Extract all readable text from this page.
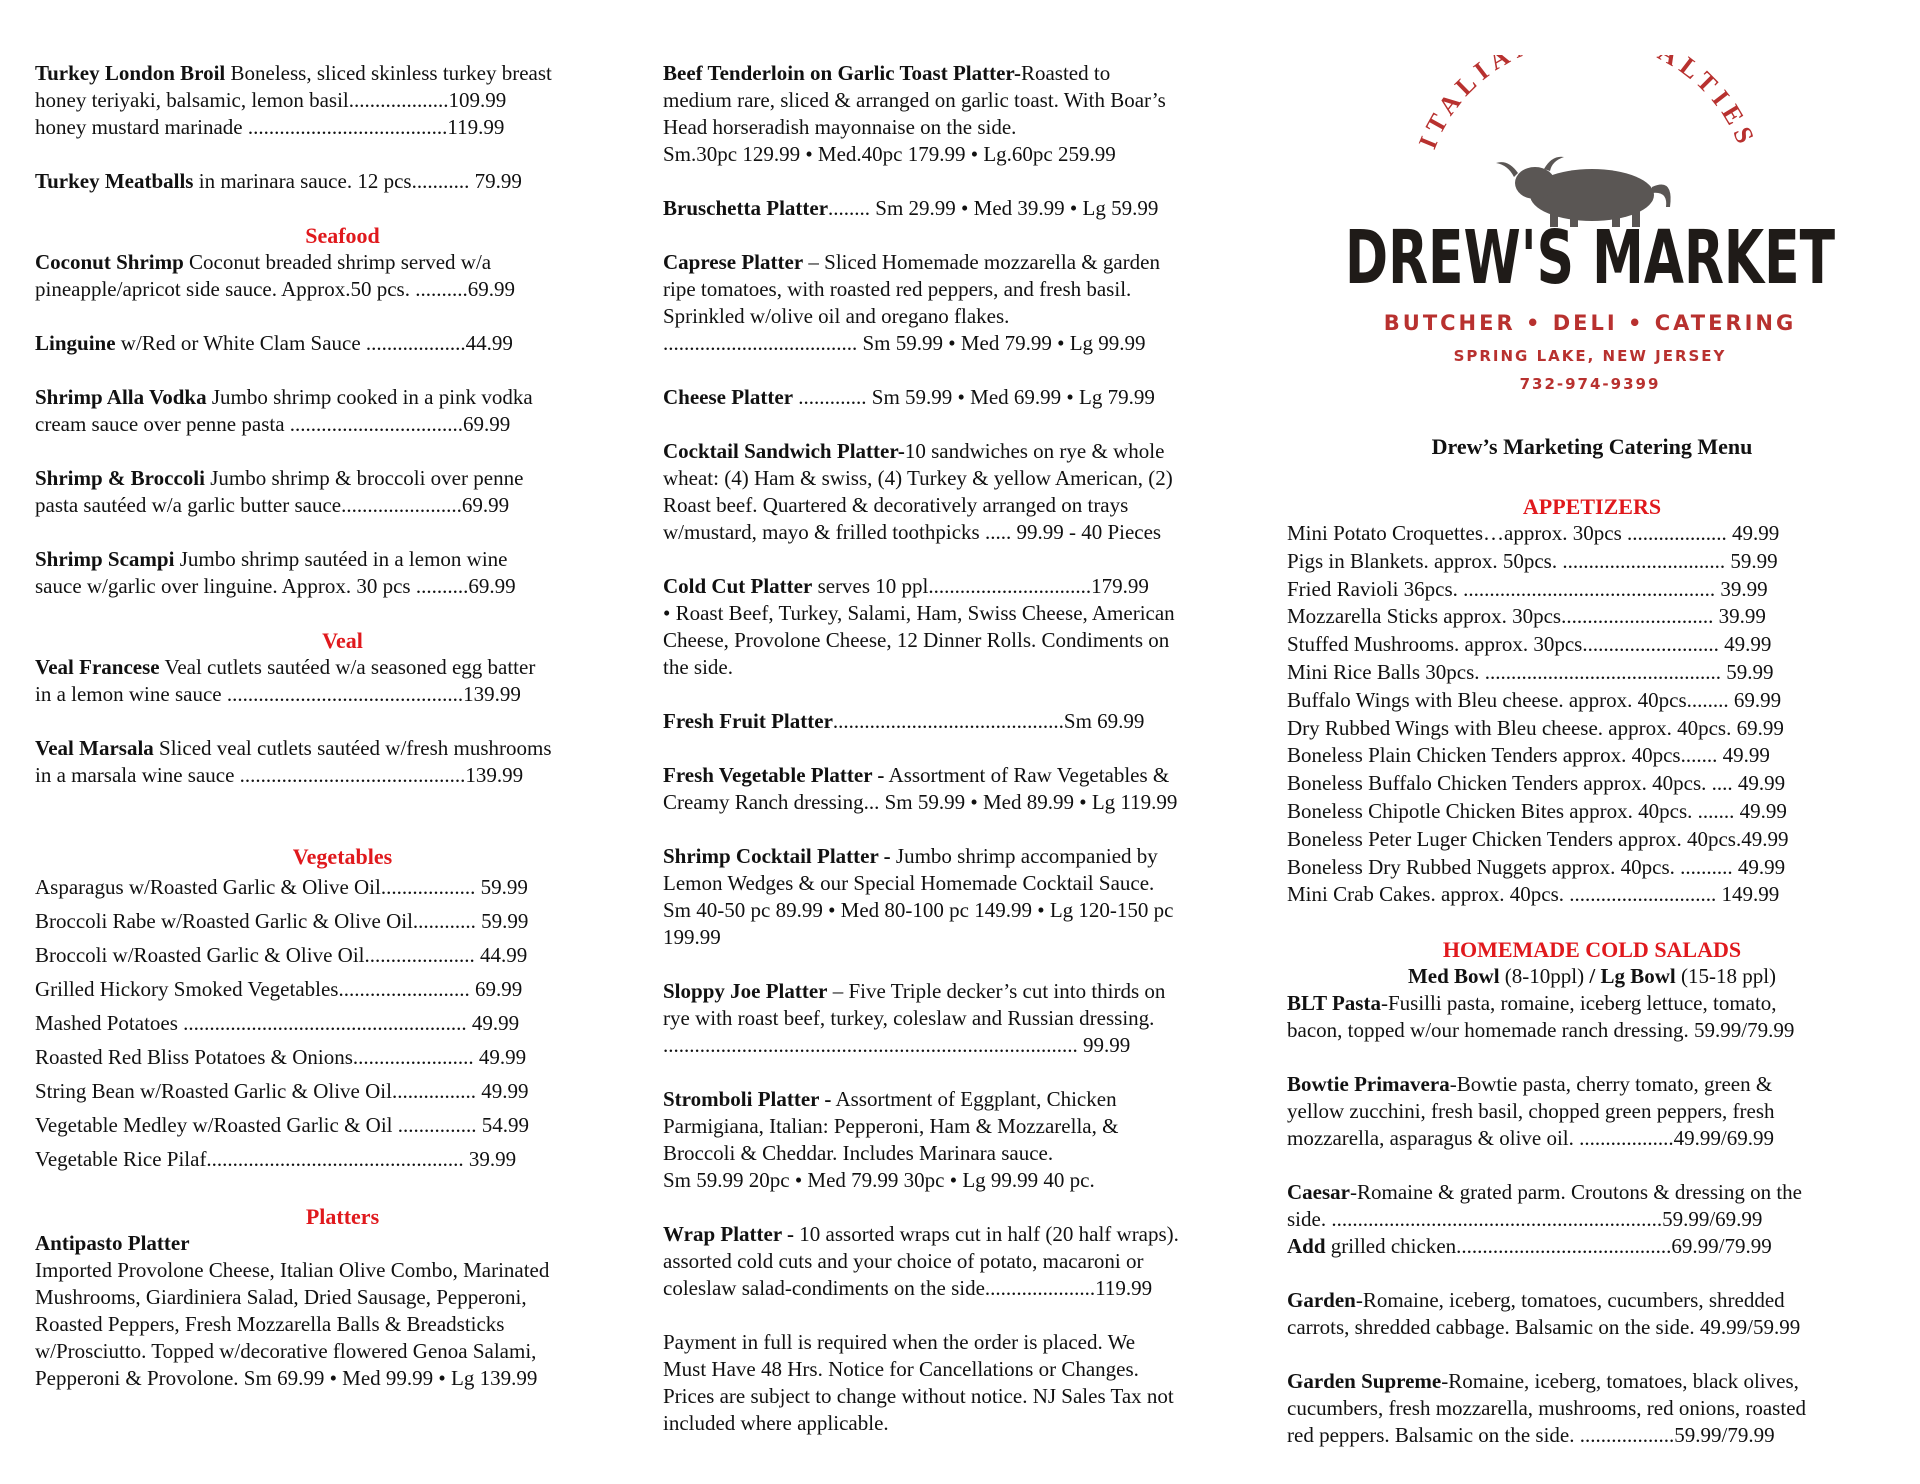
ITALIA ALTIES
DREW'S MARKET
BUTCHER • DELI • CATERING
SPRING LAKE, NEW JERSEY
732-974-9399
Drew’s Marketing Catering Menu

Turkey London Broil Boneless, sliced skinless turkey breast

honey teriyaki, balsamic, lemon basil...................109.99

honey mustard marinade ......................................119.99

Turkey Meatballs in marinara sauce. 12 pcs........... 79.99

Seafood

Coconut Shrimp Coconut breaded shrimp served w/a

pineapple/apricot side sauce. Approx.50 pcs. ..........69.99

Linguine w/Red or White Clam Sauce ...................44.99

Shrimp Alla Vodka Jumbo shrimp cooked in a pink vodka

cream sauce over penne pasta .................................69.99

Shrimp & Broccoli Jumbo shrimp & broccoli over penne

pasta sautéed w/a garlic butter sauce.......................69.99

Shrimp Scampi Jumbo shrimp sautéed in a lemon wine

sauce w/garlic over linguine. Approx. 30 pcs ..........69.99

Veal

Veal Francese Veal cutlets sautéed w/a seasoned egg batter

in a lemon wine sauce .............................................139.99

Veal Marsala Sliced veal cutlets sautéed w/fresh mushrooms

in a marsala wine sauce ...........................................139.99

Vegetables

Asparagus w/Roasted Garlic & Olive Oil.................. 59.99
Broccoli Rabe w/Roasted Garlic & Olive Oil............ 59.99
Broccoli w/Roasted Garlic & Olive Oil..................... 44.99
Grilled Hickory Smoked Vegetables......................... 69.99
Mashed Potatoes ...................................................... 49.99
Roasted Red Bliss Potatoes & Onions....................... 49.99
String Bean w/Roasted Garlic & Olive Oil................ 49.99
Vegetable Medley w/Roasted Garlic & Oil ............... 54.99
Vegetable Rice Pilaf................................................. 39.99

Platters

Antipasto Platter

Imported Provolone Cheese, Italian Olive Combo, Marinated

Mushrooms, Giardiniera Salad, Dried Sausage, Pepperoni,

Roasted Peppers, Fresh Mozzarella Balls & Breadsticks

w/Prosciutto. Topped w/decorative flowered Genoa Salami,

Pepperoni & Provolone. Sm 69.99 • Med 99.99 • Lg 139.99

Beef Tenderloin on Garlic Toast Platter-Roasted to

medium rare, sliced & arranged on garlic toast. With Boar’s

Head horseradish mayonnaise on the side.

Sm.30pc 129.99 • Med.40pc 179.99 • Lg.60pc 259.99

Bruschetta Platter........ Sm 29.99 • Med 39.99 • Lg 59.99

Caprese Platter – Sliced Homemade mozzarella & garden

ripe tomatoes, with roasted red peppers, and fresh basil.

Sprinkled w/olive oil and oregano flakes.

..................................... Sm 59.99 • Med 79.99 • Lg 99.99

Cheese Platter ............. Sm 59.99 • Med 69.99 • Lg 79.99

Cocktail Sandwich Platter-10 sandwiches on rye & whole

wheat: (4) Ham & swiss, (4) Turkey & yellow American, (2)

Roast beef. Quartered & decoratively arranged on trays

w/mustard, mayo & frilled toothpicks ..... 99.99 - 40 Pieces

Cold Cut Platter serves 10 ppl...............................179.99

• Roast Beef, Turkey, Salami, Ham, Swiss Cheese, American

Cheese, Provolone Cheese, 12 Dinner Rolls. Condiments on

the side.

Fresh Fruit Platter............................................Sm 69.99

Fresh Vegetable Platter - Assortment of Raw Vegetables &

Creamy Ranch dressing... Sm 59.99 • Med 89.99 • Lg 119.99

Shrimp Cocktail Platter - Jumbo shrimp accompanied by

Lemon Wedges & our Special Homemade Cocktail Sauce.

Sm 40-50 pc 89.99 • Med 80-100 pc 149.99 • Lg 120-150 pc

199.99

Sloppy Joe Platter – Five Triple decker’s cut into thirds on

rye with roast beef, turkey, coleslaw and Russian dressing.

............................................................................... 99.99

Stromboli Platter - Assortment of Eggplant, Chicken

Parmigiana, Italian: Pepperoni, Ham & Mozzarella, &

Broccoli & Cheddar. Includes Marinara sauce.

Sm 59.99 20pc • Med 79.99 30pc • Lg 99.99 40 pc.

Wrap Platter - 10 assorted wraps cut in half (20 half wraps).

assorted cold cuts and your choice of potato, macaroni or

coleslaw salad-condiments on the side.....................119.99

Payment in full is required when the order is placed. We

Must Have 48 Hrs. Notice for Cancellations or Changes.

Prices are subject to change without notice. NJ Sales Tax not

included where applicable.

APPETIZERS

Mini Potato Croquettes…approx. 30pcs ................... 49.99
Pigs in Blankets. approx. 50pcs. ............................... 59.99
Fried Ravioli 36pcs. ................................................ 39.99
Mozzarella Sticks approx. 30pcs............................. 39.99
Stuffed Mushrooms. approx. 30pcs.......................... 49.99
Mini Rice Balls 30pcs. ............................................. 59.99
Buffalo Wings with Bleu cheese. approx. 40pcs........ 69.99
Dry Rubbed Wings with Bleu cheese. approx. 40pcs. 69.99
Boneless Plain Chicken Tenders approx. 40pcs....... 49.99
Boneless Buffalo Chicken Tenders approx. 40pcs. .... 49.99
Boneless Chipotle Chicken Bites approx. 40pcs. ....... 49.99
Boneless Peter Luger Chicken Tenders approx. 40pcs.49.99
Boneless Dry Rubbed Nuggets approx. 40pcs. .......... 49.99
Mini Crab Cakes. approx. 40pcs. ............................ 149.99

HOMEMADE COLD SALADS

Med Bowl (8-10ppl) / Lg Bowl (15-18 ppl)

BLT Pasta-Fusilli pasta, romaine, iceberg lettuce, tomato,

bacon, topped w/our homemade ranch dressing. 59.99/79.99

Bowtie Primavera-Bowtie pasta, cherry tomato, green &

yellow zucchini, fresh basil, chopped green peppers, fresh

mozzarella, asparagus & olive oil. ..................49.99/69.99

Caesar-Romaine & grated parm. Croutons & dressing on the

side. ...............................................................59.99/69.99

Add grilled chicken.........................................69.99/79.99

Garden-Romaine, iceberg, tomatoes, cucumbers, shredded

carrots, shredded cabbage. Balsamic on the side. 49.99/59.99

Garden Supreme-Romaine, iceberg, tomatoes, black olives,

cucumbers, fresh mozzarella, mushrooms, red onions, roasted

red peppers. Balsamic on the side. ..................59.99/79.99
